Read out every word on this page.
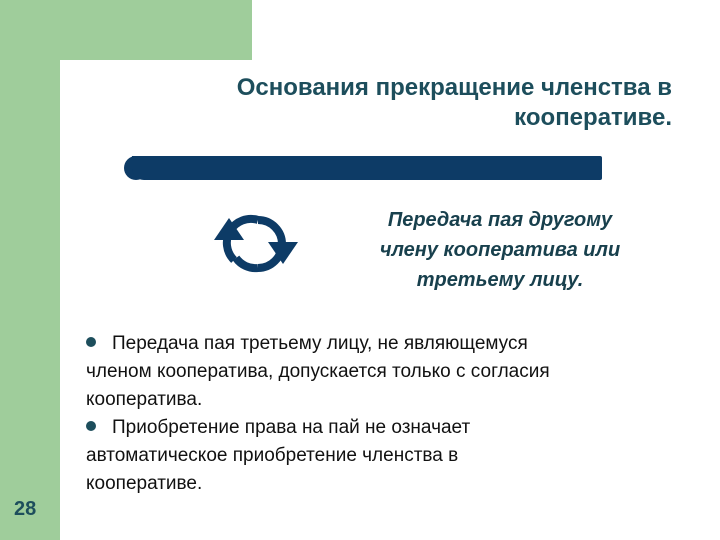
Основания прекращение членства в
кооперативе.
Передача пая другому
члену кооператива или
третьему лицу.
Передача пая третьему лицу, не являющемуся
членом кооператива, допускается только с согласия
кооператива.
Приобретение права на пай не означает
автоматическое приобретение членства в
кооперативе.
28
